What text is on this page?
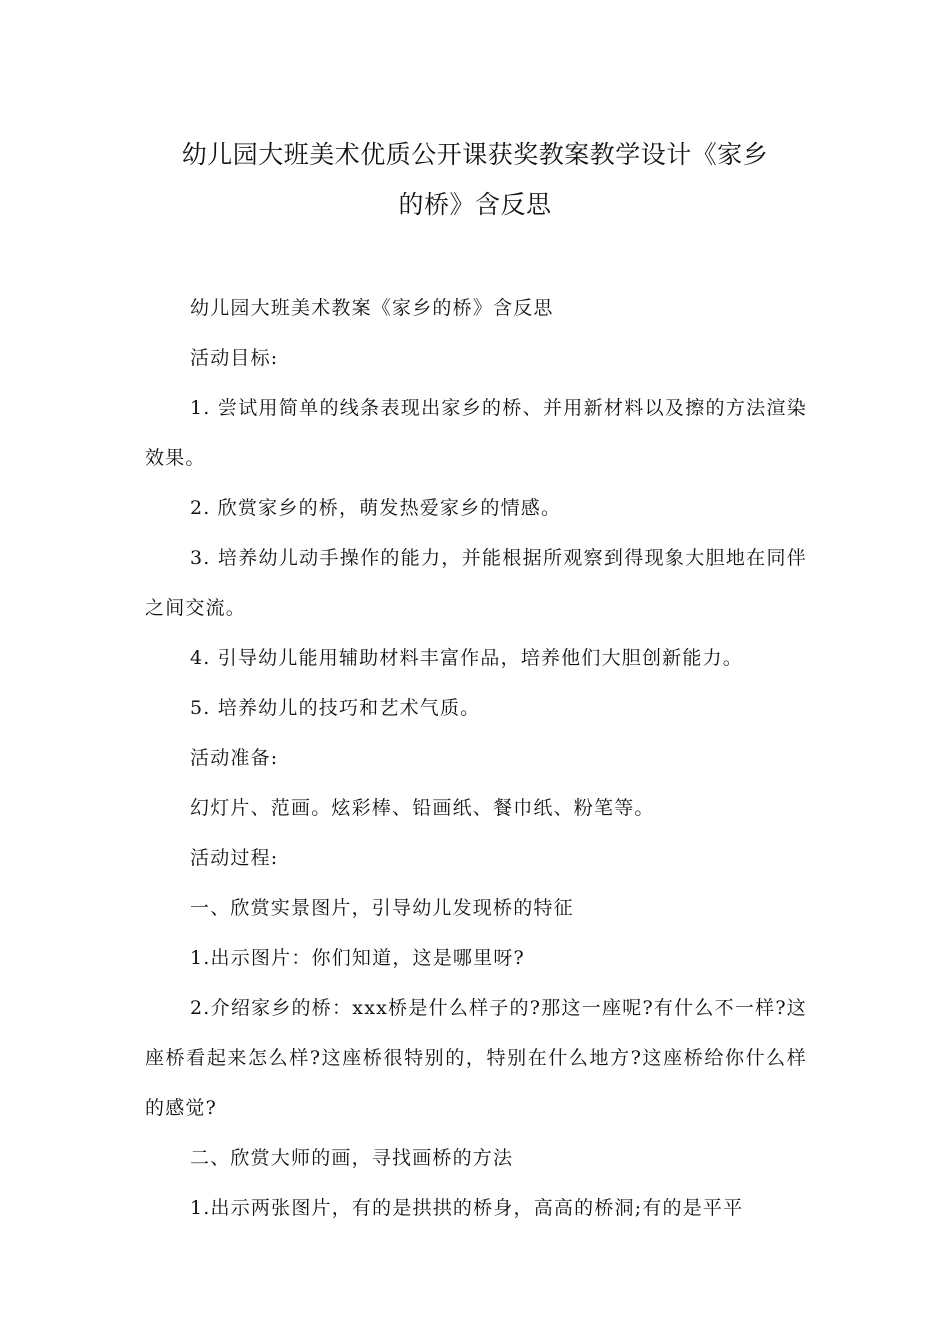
幼儿园大班美术优质公开课获奖教案教学设计《家乡
的桥》含反思

幼儿园大班美术教案《家乡的桥》含反思

活动目标:

1. 尝试用简单的线条表现出家乡的桥、并用新材料以及擦的方法渲染效果。

2. 欣赏家乡的桥，萌发热爱家乡的情感。

3. 培养幼儿动手操作的能力，并能根据所观察到得现象大胆地在同伴之间交流。

4. 引导幼儿能用辅助材料丰富作品，培养他们大胆创新能力。

5. 培养幼儿的技巧和艺术气质。

活动准备:

幻灯片、范画。炫彩棒、铅画纸、餐巾纸、粉笔等。

活动过程:

一、欣赏实景图片，引导幼儿发现桥的特征

1.出示图片：你们知道，这是哪里呀?

2.介绍家乡的桥：xxx桥是什么样子的?那这一座呢?有什么不一样?这座桥看起来怎么样?这座桥很特别的，特别在什么地方?这座桥给你什么样的感觉?

二、欣赏大师的画，寻找画桥的方法

1.出示两张图片，有的是拱拱的桥身，高高的桥洞;有的是平平
